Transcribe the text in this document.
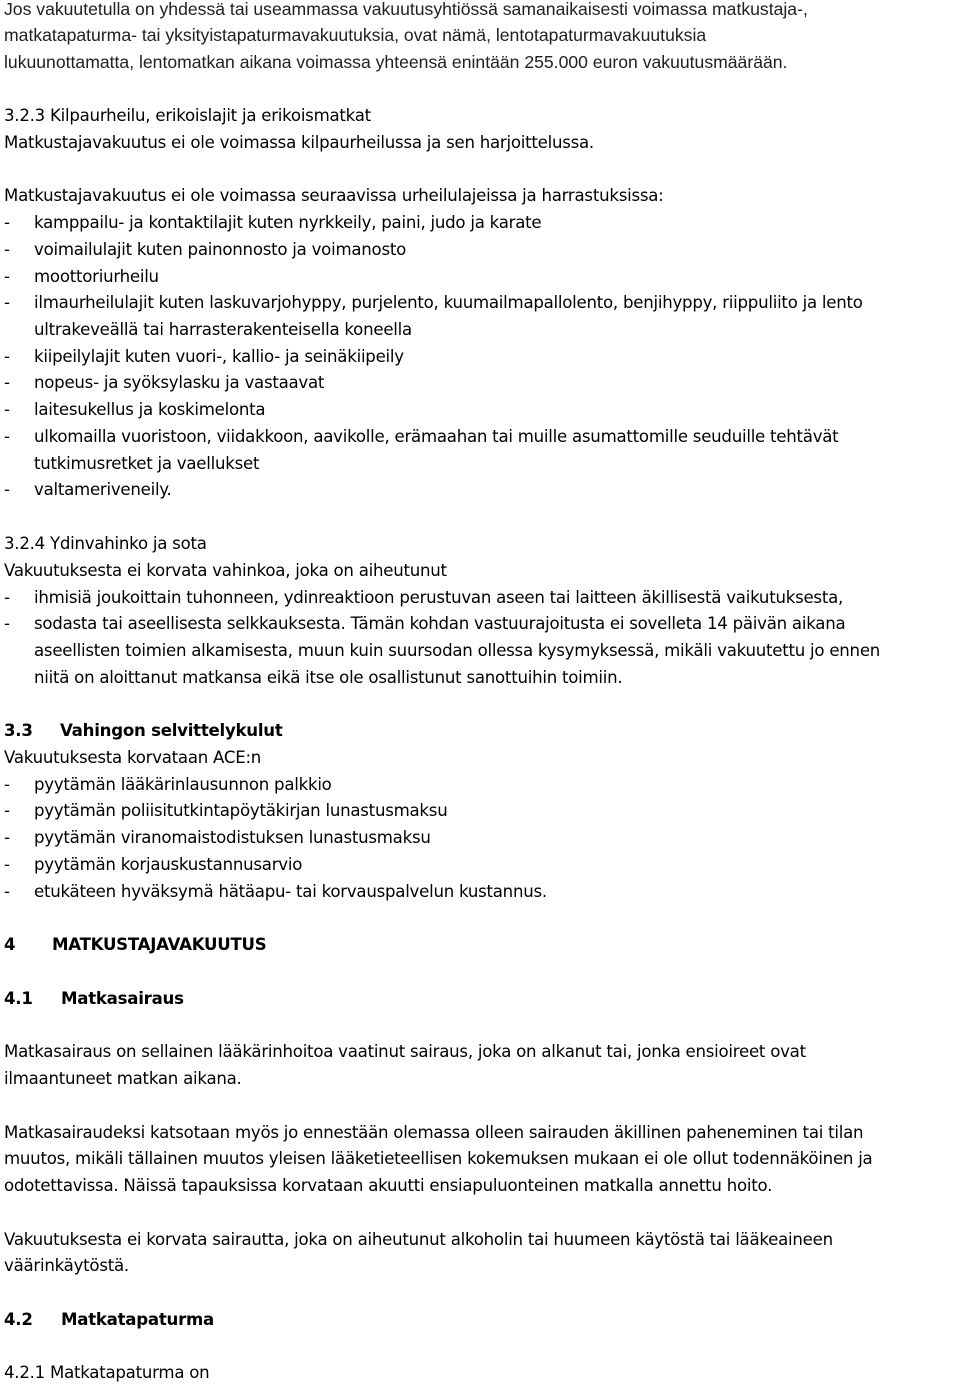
Jos vakuutetulla on yhdessä tai useammassa vakuutusyhtiössä samanaikaisesti voimassa matkustaja-,

matkatapaturma- tai yksityistapaturmavakuutuksia, ovat nämä, lentotapaturmavakuutuksia

lukuunottamatta, lentomatkan aikana voimassa yhteensä enintään 255.000 euron vakuutusmäärään.

3.2.3 Kilpaurheilu, erikoislajit ja erikoismatkat

Matkustajavakuutus ei ole voimassa kilpaurheilussa ja sen harjoittelussa.

Matkustajavakuutus ei ole voimassa seuraavissa urheilulajeissa ja harrastuksissa:

- kamppailu- ja kontaktilajit kuten nyrkkeily, paini, judo ja karate
- voimailulajit kuten painonnosto ja voimanosto
- moottoriurheilu
- ilmaurheilulajit kuten laskuvarjohyppy, purjelento, kuumailmapallolento, benjihyppy, riippuliito ja lento

ultrakeveällä tai harrasterakenteisella koneella

- kiipeilylajit kuten vuori-, kallio- ja seinäkiipeily
- nopeus- ja syöksylasku ja vastaavat
- laitesukellus ja koskimelonta
- ulkomailla vuoristoon, viidakkoon, aavikolle, erämaahan tai muille asumattomille seuduille tehtävät

tutkimusretket ja vaellukset

- valtameriveneily.

3.2.4 Ydinvahinko ja sota

Vakuutuksesta ei korvata vahinkoa, joka on aiheutunut

- ihmisiä joukoittain tuhonneen, ydinreaktioon perustuvan aseen tai laitteen äkillisestä vaikutuksesta,
- sodasta tai aseellisesta selkkauksesta. Tämän kohdan vastuurajoitusta ei sovelleta 14 päivän aikana

aseellisten toimien alkamisesta, muun kuin suursodan ollessa kysymyksessä, mikäli vakuutettu jo ennen

niitä on aloittanut matkansa eikä itse ole osallistunut sanottuihin toimiin.

3.3 Vahingon selvittelykulut

Vakuutuksesta korvataan ACE:n

- pyytämän lääkärinlausunnon palkkio
- pyytämän poliisitutkintapöytäkirjan lunastusmaksu
- pyytämän viranomaistodistuksen lunastusmaksu
- pyytämän korjauskustannusarvio
- etukäteen hyväksymä hätäapu- tai korvauspalvelun kustannus.

4 MATKUSTAJAVAKUUTUS

4.1 Matkasairaus

Matkasairaus on sellainen lääkärinhoitoa vaatinut sairaus, joka on alkanut tai, jonka ensioireet ovat

ilmaantuneet matkan aikana.

Matkasairaudeksi katsotaan myös jo ennestään olemassa olleen sairauden äkillinen paheneminen tai tilan

muutos, mikäli tällainen muutos yleisen lääketieteellisen kokemuksen mukaan ei ole ollut todennäköinen ja

odotettavissa. Näissä tapauksissa korvataan akuutti ensiapuluonteinen matkalla annettu hoito.

Vakuutuksesta ei korvata sairautta, joka on aiheutunut alkoholin tai huumeen käytöstä tai lääkeaineen

väärinkäytöstä.

4.2 Matkatapaturma

4.2.1 Matkatapaturma on
